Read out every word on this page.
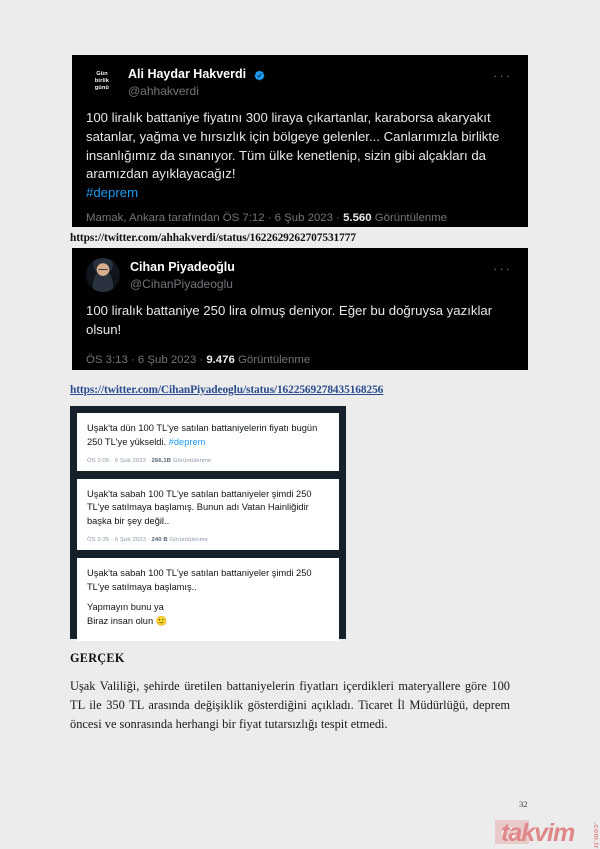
Gün
birlik
günü
Ali Haydar Hakverdi
@ahhakverdi
···
100 liralık battaniye fiyatını 300 liraya çıkartanlar, karaborsa akaryakıt satanlar, yağma ve hırsızlık için bölgeye gelenler... Canlarımızla birlikte insanlığımız da sınanıyor. Tüm ülke kenetlenip, sizin gibi alçakları da aramızdan ayıklayacağız!
#deprem
Mamak, Ankara tarafından ÖS 7:12 · 6 Şub 2023 · 5.560 Görüntülenme
https://twitter.com/ahhakverdi/status/1622629262707531777
Cihan Piyadeoğlu
@CihanPiyadeoglu
···
100 liralık battaniye 250 lira olmuş deniyor. Eğer bu doğruysa yazıklar olsun!
ÖS 3:13 · 6 Şub 2023 · 9.476 Görüntülenme
https://twitter.com/CihanPiyadeoglu/status/1622569278435168256
Uşak'ta dün 100 TL'ye satılan battaniyelerin fiyatı bugün 250 TL'ye yükseldi. #deprem
ÖS 2:05 · 6 Şub 2023 · 266,1B Görüntülenme
Uşak'ta sabah 100 TL'ye satılan battaniyeler şimdi 250 TL'ye satılmaya başlamış. Bunun adı Vatan Hainliğidir başka bir şey değil..
ÖS 2:35 · 6 Şub 2023 · 240 B Görüntülenme
Uşak'ta sabah 100 TL'ye satılan battaniyeler şimdi 250 TL'ye satılmaya başlamış..
Yapmayın bunu ya
Biraz insan olun 🙂
GERÇEK
Uşak Valiliği, şehirde üretilen battaniyelerin fiyatları içerdikleri materyallere göre 100 TL ile 350 TL arasında değişiklik gösterdiğini açıkladı. Ticaret İl Müdürlüğü, deprem öncesi ve sonrasında herhangi bir fiyat tutarsızlığı tespit etmedi.
32
takvim	.com.tr
